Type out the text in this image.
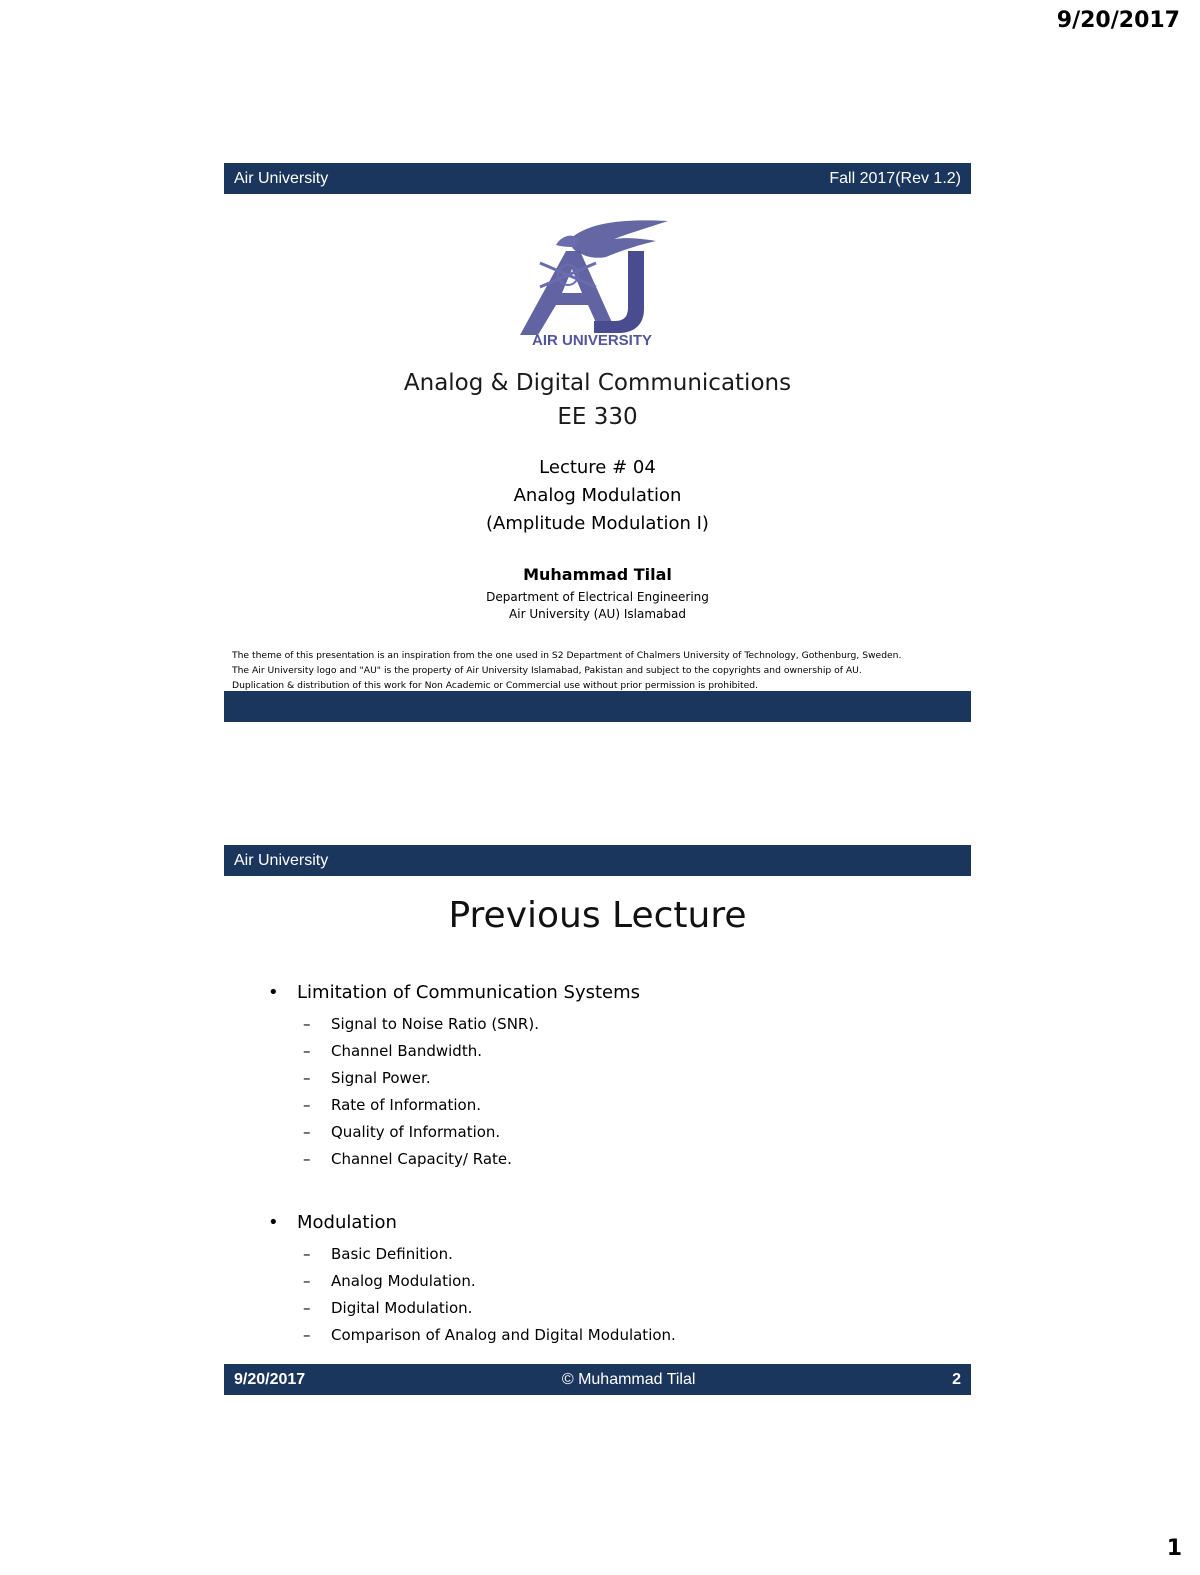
9/20/2017
Air University	Fall 2017(Rev 1.2)
AIR UNIVERSITY
Analog & Digital Communications
EE 330
Lecture # 04
Analog Modulation
(Amplitude Modulation I)
Muhammad Tilal
Department of Electrical Engineering
Air University (AU) Islamabad
The theme of this presentation is an inspiration from the one used in S2 Department of Chalmers University of Technology, Gothenburg, Sweden.
The Air University logo and "AU" is the property of Air University Islamabad, Pakistan and subject to the copyrights and ownership of AU.
Duplication & distribution of this work for Non Academic or Commercial use without prior permission is prohibited.
Air University
Previous Lecture
• Limitation of Communication Systems
– Signal to Noise Ratio (SNR).
– Channel Bandwidth.
– Signal Power.
– Rate of Information.
– Quality of Information.
– Channel Capacity/ Rate.
• Modulation
– Basic Definition.
– Analog Modulation.
– Digital Modulation.
– Comparison of Analog and Digital Modulation.
9/20/2017	© Muhammad Tilal	2
1
